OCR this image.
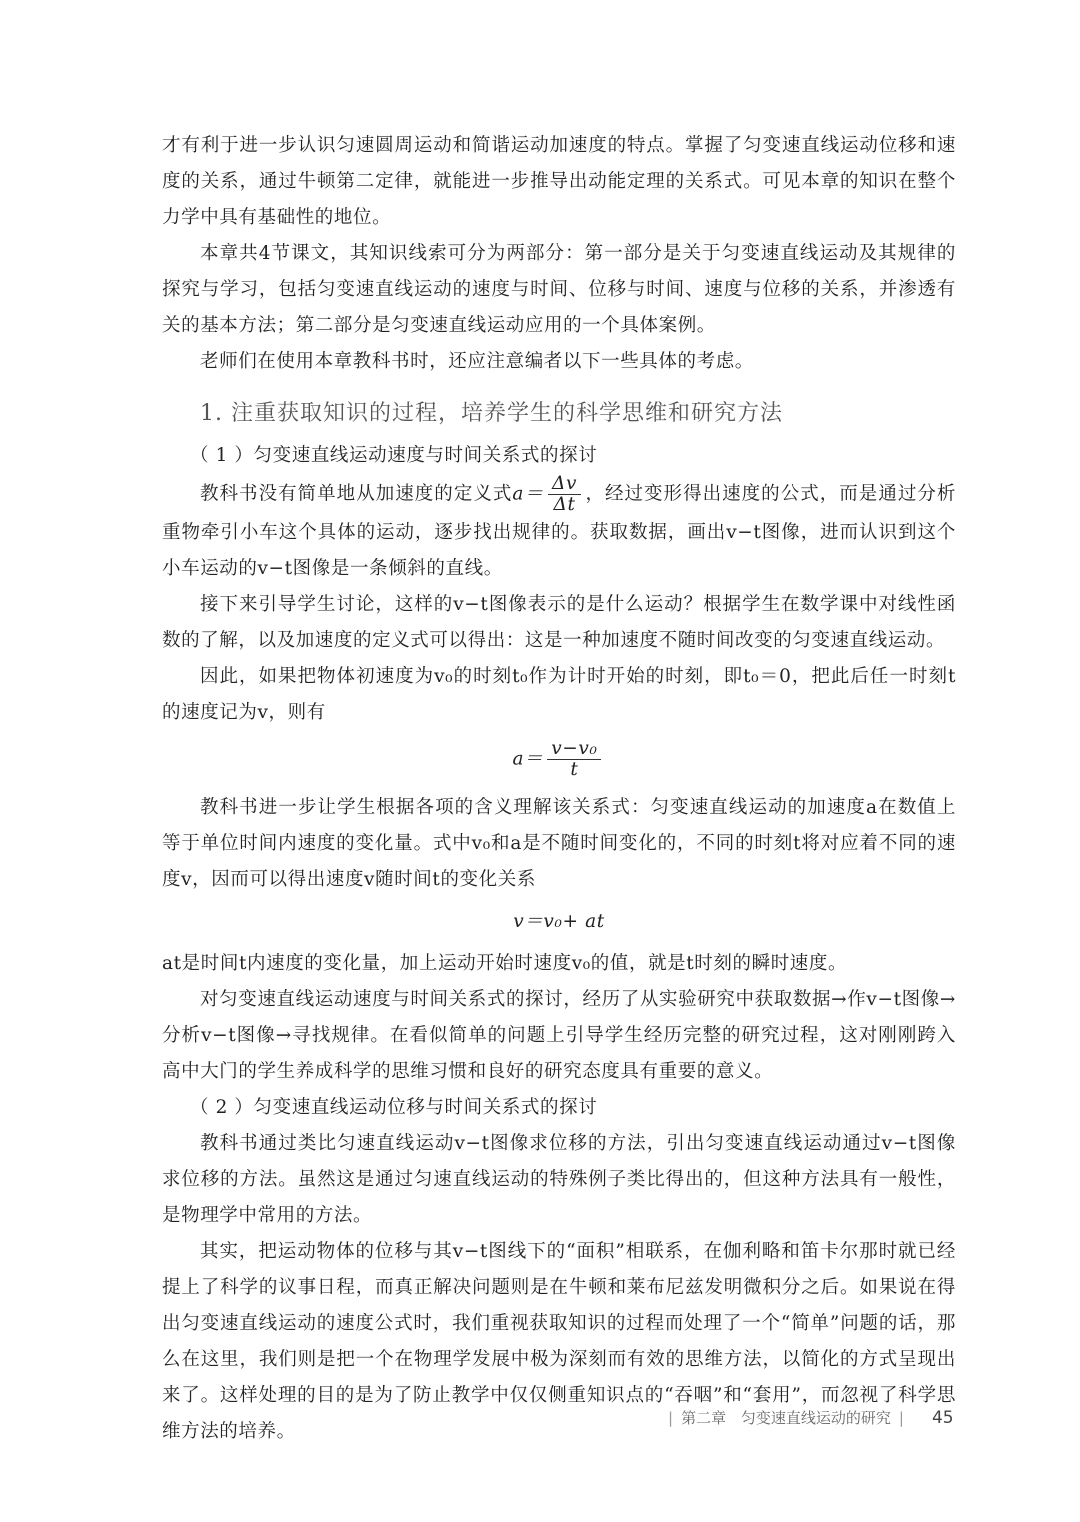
才有利于进一步认识匀速圆周运动和简谐运动加速度的特点。掌握了匀变速直线运动位移和速度的关系，通过牛顿第二定律，就能进一步推导出动能定理的关系式。可见本章的知识在整个力学中具有基础性的地位。

本章共4节课文，其知识线索可分为两部分：第一部分是关于匀变速直线运动及其规律的探究与学习，包括匀变速直线运动的速度与时间、位移与时间、速度与位移的关系，并渗透有关的基本方法；第二部分是匀变速直线运动应用的一个具体案例。

老师们在使用本章教科书时，还应注意编者以下一些具体的考虑。

1. 注重获取知识的过程，培养学生的科学思维和研究方法

（ 1 ）匀变速直线运动速度与时间关系式的探讨

教科书没有简单地从加速度的定义式$a= \frac{\Delta v}{\Delta t}$ ，经过变形得出速度的公式，而是通过分析重物牵引小车这个具体的运动，逐步找出规律的。获取数据，画出v−t图像，进而认识到这个小车运动的v−t图像是一条倾斜的直线。

接下来引导学生讨论，这样的v−t图像表示的是什么运动？根据学生在数学课中对线性函数的了解，以及加速度的定义式可以得出：这是一种加速度不随时间改变的匀变速直线运动。

因此，如果把物体初速度为v₀的时刻t₀作为计时开始的时刻，即t₀＝0，把此后任一时刻t的速度记为v，则有

$a= \frac{\text{v−v₀}}{t}$

教科书进一步让学生根据各项的含义理解该关系式：匀变速直线运动的加速度a在数值上等于单位时间内速度的变化量。式中v₀和a是不随时间变化的，不同的时刻t将对应着不同的速度v，因而可以得出速度v随时间t的变化关系

v＝v₀+ at

at是时间t内速度的变化量，加上运动开始时速度v₀的值，就是t时刻的瞬时速度。

对匀变速直线运动速度与时间关系式的探讨，经历了从实验研究中获取数据→作v−t图像→分析v−t图像→寻找规律。在看似简单的问题上引导学生经历完整的研究过程，这对刚刚跨入高中大门的学生养成科学的思维习惯和良好的研究态度具有重要的意义。

（ 2 ）匀变速直线运动位移与时间关系式的探讨

教科书通过类比匀速直线运动v−t图像求位移的方法，引出匀变速直线运动通过v−t图像求位移的方法。虽然这是通过匀速直线运动的特殊例子类比得出的，但这种方法具有一般性，是物理学中常用的方法。

其实，把运动物体的位移与其v−t图线下的“面积”相联系，在伽利略和笛卡尔那时就已经提上了科学的议事日程，而真正解决问题则是在牛顿和莱布尼兹发明微积分之后。如果说在得出匀变速直线运动的速度公式时，我们重视获取知识的过程而处理了一个“简单”问题的话，那么在这里，我们则是把一个在物理学发展中极为深刻而有效的思维方法，以简化的方式呈现出来了。这样处理的目的是为了防止教学中仅仅侧重知识点的“吞咽”和“套用”，而忽视了科学思维方法的培养。

| 第二章 匀变速直线运动的研究 | 45
